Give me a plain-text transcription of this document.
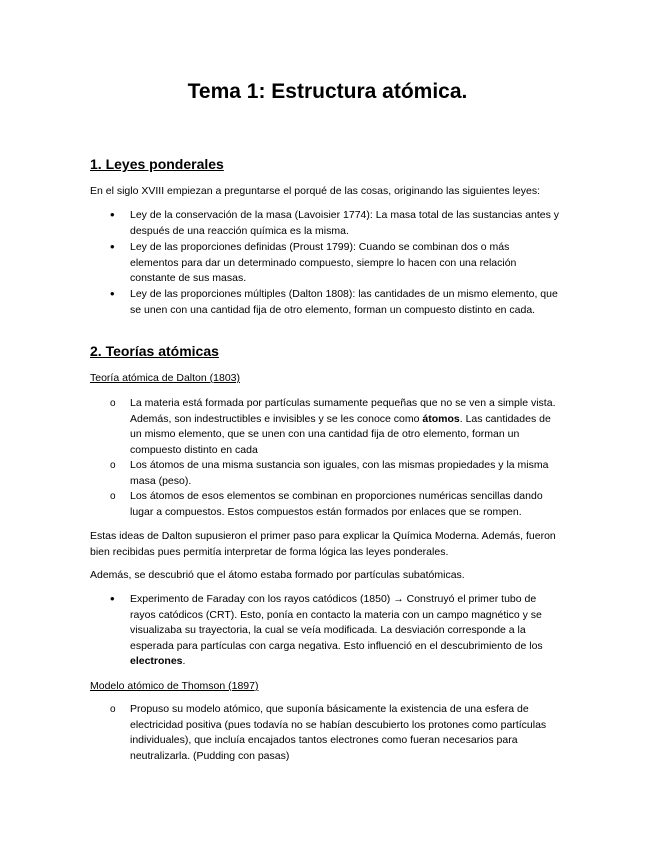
Tema 1: Estructura atómica.
1. Leyes ponderales
En el siglo XVIII empiezan a preguntarse el porqué de las cosas, originando las siguientes leyes:
• Ley de la conservación de la masa (Lavoisier 1774): La masa total de las sustancias antes y después de una reacción química es la misma.
• Ley de las proporciones definidas (Proust 1799): Cuando se combinan dos o más elementos para dar un determinado compuesto, siempre lo hacen con una relación constante de sus masas.
• Ley de las proporciones múltiples (Dalton 1808): las cantidades de un mismo elemento, que se unen con una cantidad fija de otro elemento, forman un compuesto distinto en cada.
2. Teorías atómicas
Teoría atómica de Dalton (1803)
o La materia está formada por partículas sumamente pequeñas que no se ven a simple vista. Además, son indestructibles e invisibles y se les conoce como átomos. Las cantidades de un mismo elemento, que se unen con una cantidad fija de otro elemento, forman un compuesto distinto en cada
o Los átomos de una misma sustancia son iguales, con las mismas propiedades y la misma masa (peso).
o Los átomos de esos elementos se combinan en proporciones numéricas sencillas dando lugar a compuestos. Estos compuestos están formados por enlaces que se rompen.
Estas ideas de Dalton supusieron el primer paso para explicar la Química Moderna. Además, fueron bien recibidas pues permitía interpretar de forma lógica las leyes ponderales.
Además, se descubrió que el átomo estaba formado por partículas subatómicas.
• Experimento de Faraday con los rayos catódicos (1850) → Construyó el primer tubo de rayos catódicos (CRT). Esto, ponía en contacto la materia con un campo magnético y se visualizaba su trayectoria, la cual se veía modificada. La desviación corresponde a la esperada para partículas con carga negativa. Esto influenció en el descubrimiento de los electrones.
Modelo atómico de Thomson (1897)
o Propuso su modelo atómico, que suponía básicamente la existencia de una esfera de electricidad positiva (pues todavía no se habían descubierto los protones como partículas individuales), que incluía encajados tantos electrones como fueran necesarios para neutralizarla. (Pudding con pasas)
